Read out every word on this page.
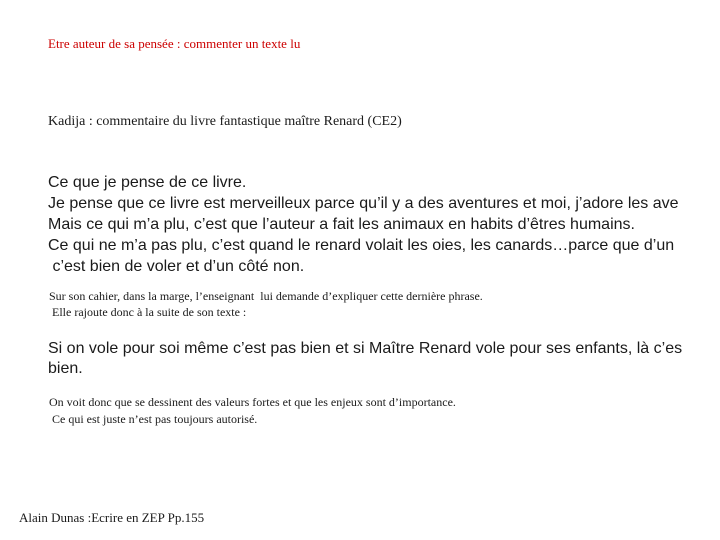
Etre auteur de sa pensée : commenter un texte lu
Kadija : commentaire du livre fantastique maître Renard (CE2)
Ce que je pense de ce livre.
Je pense que ce livre est merveilleux parce qu’il y a des aventures et moi, j’adore les ave
Mais ce qui m’a plu, c’est que l’auteur a fait les animaux en habits d’êtres humains.
Ce qui ne m’a pas plu, c’est quand le renard volait les oies, les canards…parce que d’un
c’est bien de voler et d’un côté non.
Sur son cahier, dans la marge, l’enseignant  lui demande d’expliquer cette dernière phrase.
Elle rajoute donc à la suite de son texte :
Si on vole pour soi même c’est pas bien et si Maître Renard vole pour ses enfants, là c’es
bien.
On voit donc que se dessinent des valeurs fortes et que les enjeux sont d’importance.
Ce qui est juste n’est pas toujours autorisé.
Alain Dunas :Ecrire en ZEP Pp.155
